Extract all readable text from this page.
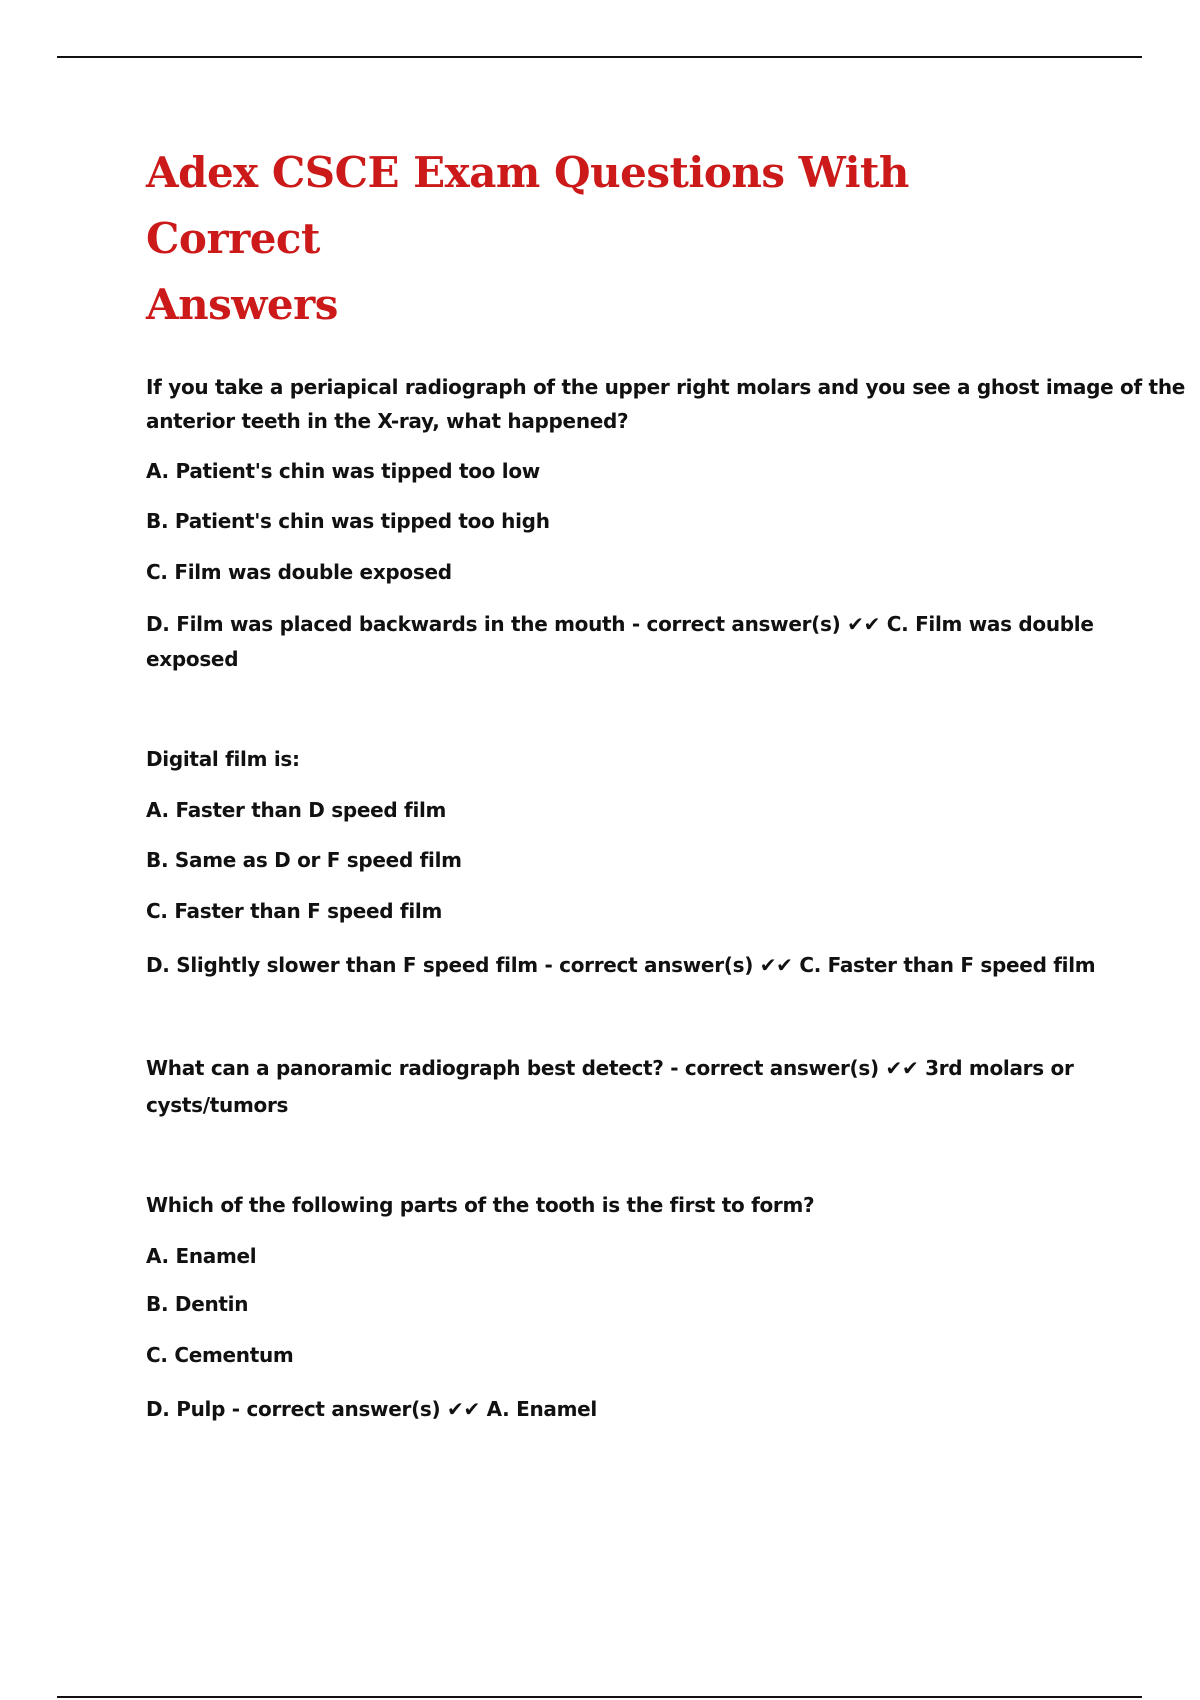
Adex CSCE Exam Questions With Correct
Answers

If you take a periapical radiograph of the upper right molars and you see a ghost image of the

anterior teeth in the X-ray, what happened?

A. Patient's chin was tipped too low

B. Patient's chin was tipped too high

C. Film was double exposed

D. Film was placed backwards in the mouth - correct answer(s) ✔✔ C. Film was double

exposed

Digital film is:

A. Faster than D speed film

B. Same as D or F speed film

C. Faster than F speed film

D. Slightly slower than F speed film - correct answer(s) ✔✔ C. Faster than F speed film

What can a panoramic radiograph best detect? - correct answer(s) ✔✔ 3rd molars or

cysts/tumors

Which of the following parts of the tooth is the first to form?

A. Enamel

B. Dentin

C. Cementum

D. Pulp - correct answer(s) ✔✔ A. Enamel
